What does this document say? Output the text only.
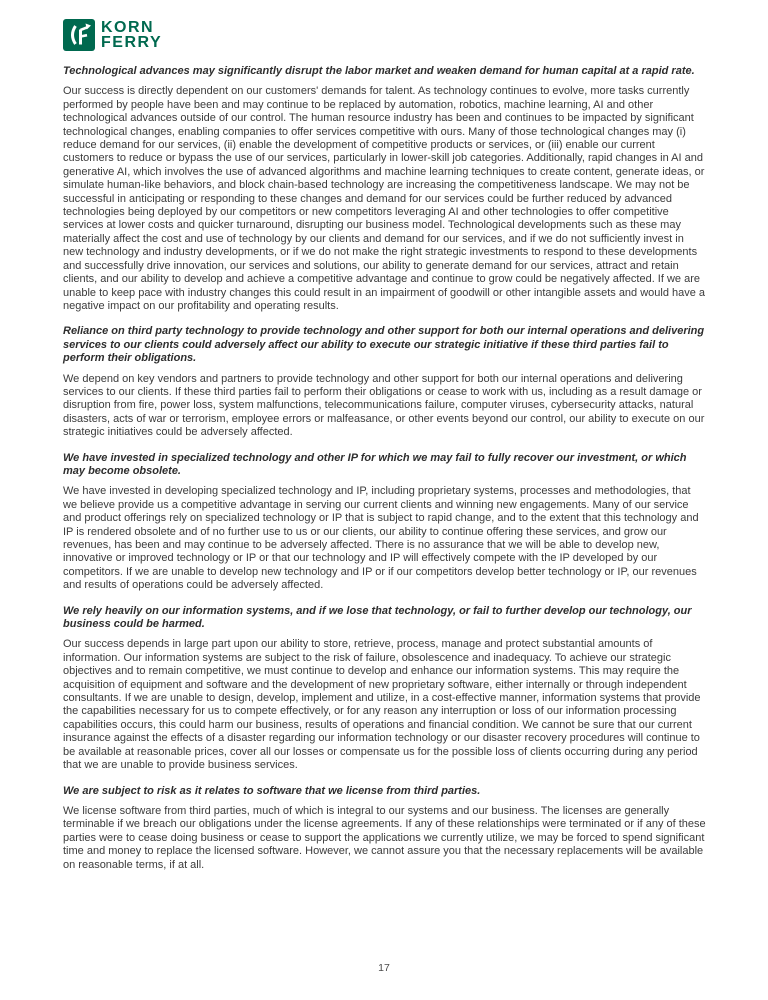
KORN
FERRY
Technological advances may significantly disrupt the labor market and weaken demand for human capital at a rapid rate.

Our success is directly dependent on our customers' demands for talent. As technology continues to evolve, more tasks currently performed by people have been and may continue to be replaced by automation, robotics, machine learning, AI and other technological advances outside of our control. The human resource industry has been and continues to be impacted by significant technological changes, enabling companies to offer services competitive with ours. Many of those technological changes may (i) reduce demand for our services, (ii) enable the development of competitive products or services, or (iii) enable our current customers to reduce or bypass the use of our services, particularly in lower-skill job categories. Additionally, rapid changes in AI and generative AI, which involves the use of advanced algorithms and machine learning techniques to create content, generate ideas, or simulate human-like behaviors, and block chain-based technology are increasing the competitiveness landscape. We may not be successful in anticipating or responding to these changes and demand for our services could be further reduced by advanced technologies being deployed by our competitors or new competitors leveraging AI and other technologies to offer competitive services at lower costs and quicker turnaround, disrupting our business model. Technological developments such as these may materially affect the cost and use of technology by our clients and demand for our services, and if we do not sufficiently invest in new technology and industry developments, or if we do not make the right strategic investments to respond to these developments and successfully drive innovation, our services and solutions, our ability to generate demand for our services, attract and retain clients, and our ability to develop and achieve a competitive advantage and continue to grow could be negatively affected. If we are unable to keep pace with industry changes this could result in an impairment of goodwill or other intangible assets and would have a negative impact on our profitability and operating results.

Reliance on third party technology to provide technology and other support for both our internal operations and delivering services to our clients could adversely affect our ability to execute our strategic initiative if these third parties fail to perform their obligations.

We depend on key vendors and partners to provide technology and other support for both our internal operations and delivering services to our clients. If these third parties fail to perform their obligations or cease to work with us, including as a result damage or disruption from fire, power loss, system malfunctions, telecommunications failure, computer viruses, cybersecurity attacks, natural disasters, acts of war or terrorism, employee errors or malfeasance, or other events beyond our control, our ability to execute on our strategic initiatives could be adversely affected.

We have invested in specialized technology and other IP for which we may fail to fully recover our investment, or which may become obsolete.

We have invested in developing specialized technology and IP, including proprietary systems, processes and methodologies, that we believe provide us a competitive advantage in serving our current clients and winning new engagements. Many of our service and product offerings rely on specialized technology or IP that is subject to rapid change, and to the extent that this technology and IP is rendered obsolete and of no further use to us or our clients, our ability to continue offering these services, and grow our revenues, has been and may continue to be adversely affected. There is no assurance that we will be able to develop new, innovative or improved technology or IP or that our technology and IP will effectively compete with the IP developed by our competitors. If we are unable to develop new technology and IP or if our competitors develop better technology or IP, our revenues and results of operations could be adversely affected.

We rely heavily on our information systems, and if we lose that technology, or fail to further develop our technology, our business could be harmed.

Our success depends in large part upon our ability to store, retrieve, process, manage and protect substantial amounts of information. Our information systems are subject to the risk of failure, obsolescence and inadequacy. To achieve our strategic objectives and to remain competitive, we must continue to develop and enhance our information systems. This may require the acquisition of equipment and software and the development of new proprietary software, either internally or through independent consultants. If we are unable to design, develop, implement and utilize, in a cost-effective manner, information systems that provide the capabilities necessary for us to compete effectively, or for any reason any interruption or loss of our information processing capabilities occurs, this could harm our business, results of operations and financial condition. We cannot be sure that our current insurance against the effects of a disaster regarding our information technology or our disaster recovery procedures will continue to be available at reasonable prices, cover all our losses or compensate us for the possible loss of clients occurring during any period that we are unable to provide business services.

We are subject to risk as it relates to software that we license from third parties.

We license software from third parties, much of which is integral to our systems and our business. The licenses are generally terminable if we breach our obligations under the license agreements. If any of these relationships were terminated or if any of these parties were to cease doing business or cease to support the applications we currently utilize, we may be forced to spend significant time and money to replace the licensed software. However, we cannot assure you that the necessary replacements will be available on reasonable terms, if at all.

17
